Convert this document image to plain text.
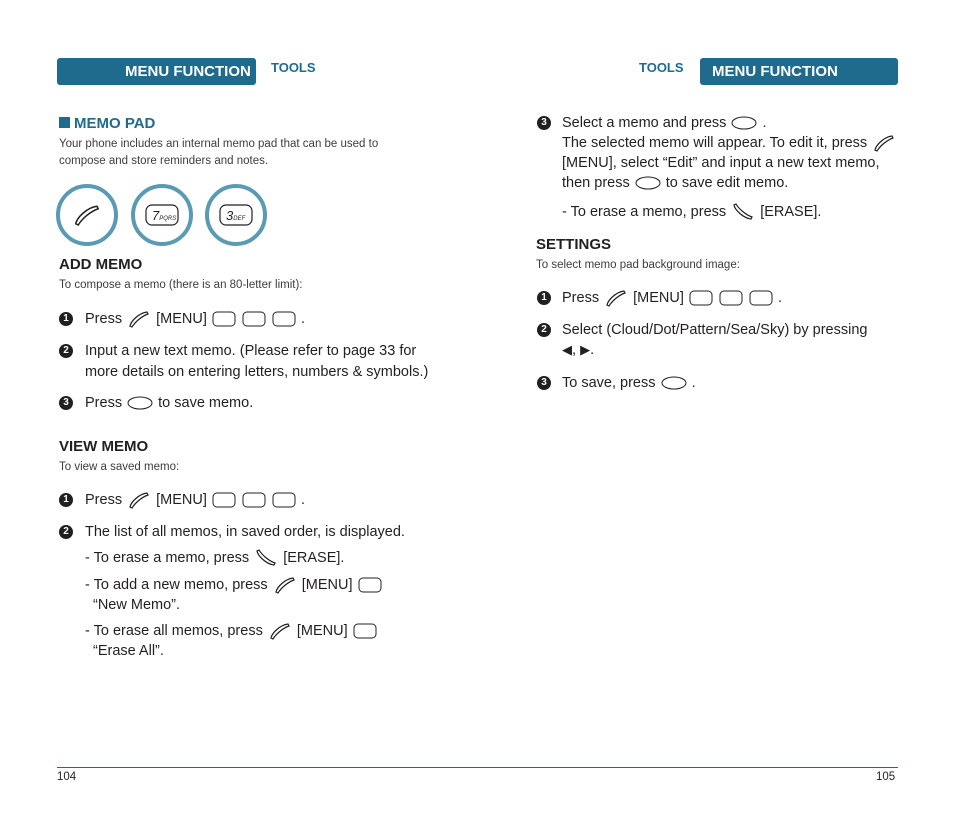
MENU FUNCTION	TOOLS	TOOLS	MENU FUNCTION
MEMO PAD
Your phone includes an internal memo pad that can be used to
compose and store reminders and notes.
7PQRS	3DEF
ADD MEMO
To compose a memo (there is an 80-letter limit):
1 Press [MENU]

	.
2 Input a new text memo. (Please refer to page 33 for
more details on entering letters, numbers & symbols.)
3 Press to save memo.
VIEW MEMO
To view a saved memo:
1 Press [MENU]

	.
2 The list of all memos, in saved order, is displayed.
- To erase a memo, press [ERASE].
- To add a new memo, press [MENU]
“New Memo”.
- To erase all memos, press [MENU]
“Erase All”.
3 Select a memo and press .
The selected memo will appear. To edit it, press
[MENU], select “Edit” and input a new text memo,
then press to save edit memo.
- To erase a memo, press [ERASE].
SETTINGS
To select memo pad background image:
1 Press [MENU]

	.
2 Select (Cloud/Dot/Pattern/Sea/Sky) by pressing
◀, ▶.
3 To save, press .
104	105
